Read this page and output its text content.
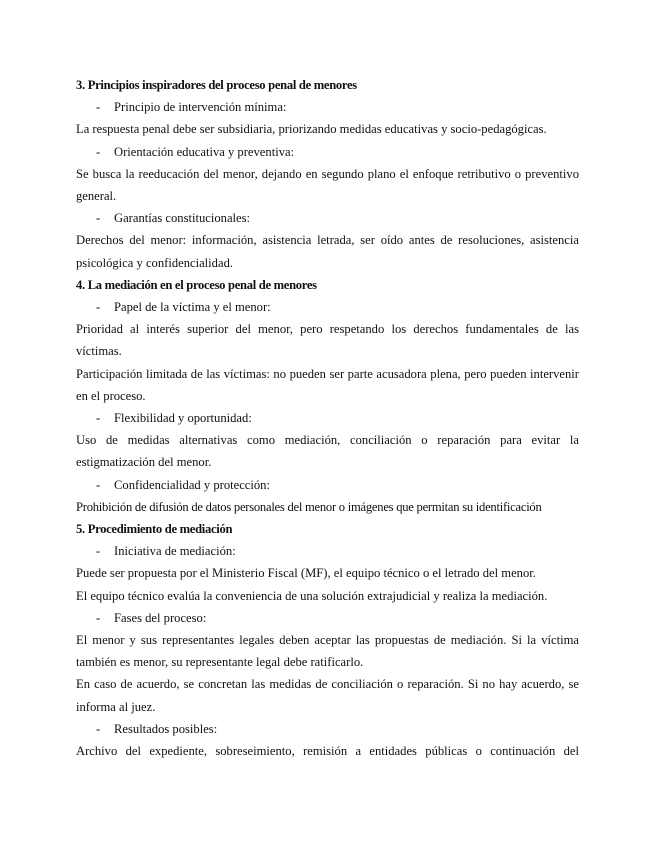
3. Principios inspiradores del proceso penal de menores

- Principio de intervención mínima:

La respuesta penal debe ser subsidiaria, priorizando medidas educativas y socio-pedagógicas.

- Orientación educativa y preventiva:

Se busca la reeducación del menor, dejando en segundo plano el enfoque retributivo o preventivo general.

- Garantías constitucionales:

Derechos del menor: información, asistencia letrada, ser oído antes de resoluciones, asistencia psicológica y confidencialidad.

4. La mediación en el proceso penal de menores

- Papel de la víctima y el menor:

Prioridad al interés superior del menor, pero respetando los derechos fundamentales de las víctimas.

Participación limitada de las víctimas: no pueden ser parte acusadora plena, pero pueden intervenir en el proceso.

- Flexibilidad y oportunidad:

Uso de medidas alternativas como mediación, conciliación o reparación para evitar la estigmatización del menor.

- Confidencialidad y protección:

Prohibición de difusión de datos personales del menor o imágenes que permitan su identificación

5. Procedimiento de mediación

- Iniciativa de mediación:

Puede ser propuesta por el Ministerio Fiscal (MF), el equipo técnico o el letrado del menor.

El equipo técnico evalúa la conveniencia de una solución extrajudicial y realiza la mediación.

- Fases del proceso:

El menor y sus representantes legales deben aceptar las propuestas de mediación. Si la víctima también es menor, su representante legal debe ratificarlo.

En caso de acuerdo, se concretan las medidas de conciliación o reparación. Si no hay acuerdo, se informa al juez.

- Resultados posibles:

Archivo del expediente, sobreseimiento, remisión a entidades públicas o continuación del
